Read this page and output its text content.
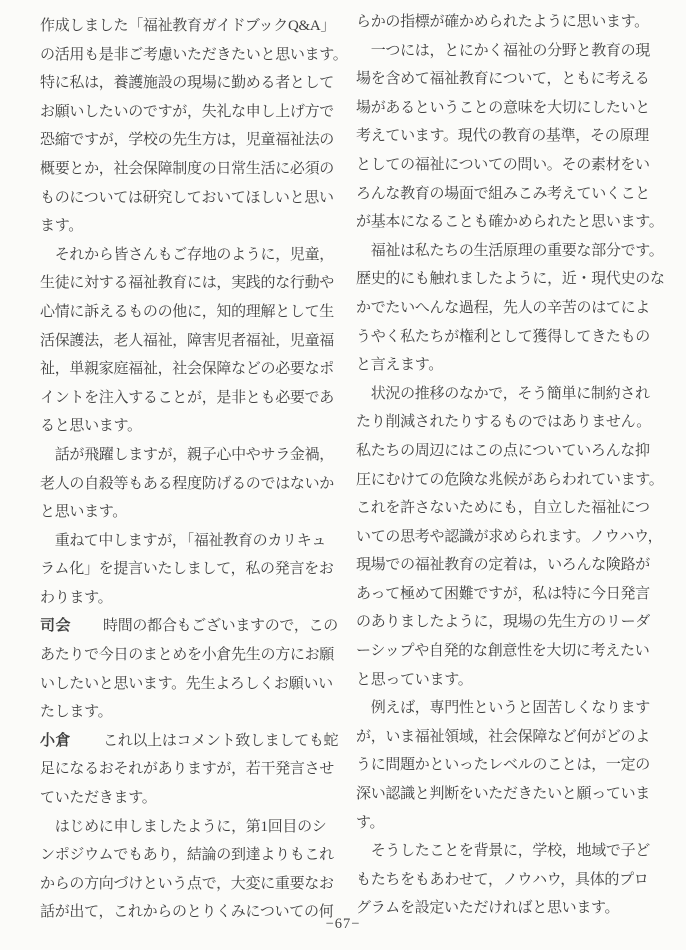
作成しました「福祉教育ガイドブックQ&A」
の活用も是非ご考慮いただきたいと思います。
特に私は，養護施設の現場に勤める者として
お願いしたいのですが，失礼な申し上げ方で
恐縮ですが，学校の先生方は，児童福祉法の
概要とか，社会保障制度の日常生活に必須の
ものについては研究しておいてほしいと思い
ます。
　それから皆さんもご存地のように，児童，
生徒に対する福祉教育には，実践的な行動や
心情に訴えるものの他に，知的理解として生
活保護法，老人福祉，障害児者福祉，児童福
祉，単親家庭福祉，社会保障などの必要なポ
イントを注入することが，是非とも必要であ
ると思います。
　話が飛躍しますが，親子心中やサラ金禍，
老人の自殺等もある程度防げるのではないか
と思います。
　重ねて中しますが，「福祉教育のカリキュ
ラム化」を提言いたしまして，私の発言をお
わります。
司会 時間の都合もございますので，この
あたりで今日のまとめを小倉先生の方にお願
いしたいと思います。先生よろしくお願いい
たします。
小倉 これ以上はコメント致しましても蛇
足になるおそれがありますが，若干発言させ
ていただきます。
　はじめに申しましたように，第1回目のシ
ンポジウムでもあり，結論の到達よりもこれ
からの方向づけという点で，大変に重要なお
話が出て，これからのとりくみについての何
らかの指標が確かめられたように思います。
　一つには，とにかく福祉の分野と教育の現
場を含めて福祉教育について，ともに考える
場があるということの意味を大切にしたいと
考えています。現代の教育の基準，その原理
としての福祉についての問い。その素材をい
ろんな教育の場面で組みこみ考えていくこと
が基本になることも確かめられたと思います。
　福祉は私たちの生活原理の重要な部分です。
歴史的にも触れましたように，近・現代史のな
かでたいへんな過程，先人の辛苦のはてによ
うやく私たちが権利として獲得してきたもの
と言えます。
　状況の推移のなかで，そう簡単に制約され
たり削減されたりするものではありません。
私たちの周辺にはこの点についていろんな抑
圧にむけての危険な兆候があらわれています。
これを許さないためにも，自立した福祉につ
いての思考や認識が求められます。ノウハウ，
現場での福祉教育の定着は，いろんな険路が
あって極めて困難ですが，私は特に今日発言
のありましたように，現場の先生方のリーダ
ーシップや自発的な創意性を大切に考えたい
と思っています。
　例えば，専門性というと固苦しくなります
が，いま福祉領域，社会保障など何がどのよ
うに問題かといったレベルのことは，一定の
深い認識と判断をいただきたいと願っていま
す。
　そうしたことを背景に，学校，地域で子ど
もたちをもあわせて，ノウハウ，具体的プロ
グラムを設定いただければと思います。
−67−
